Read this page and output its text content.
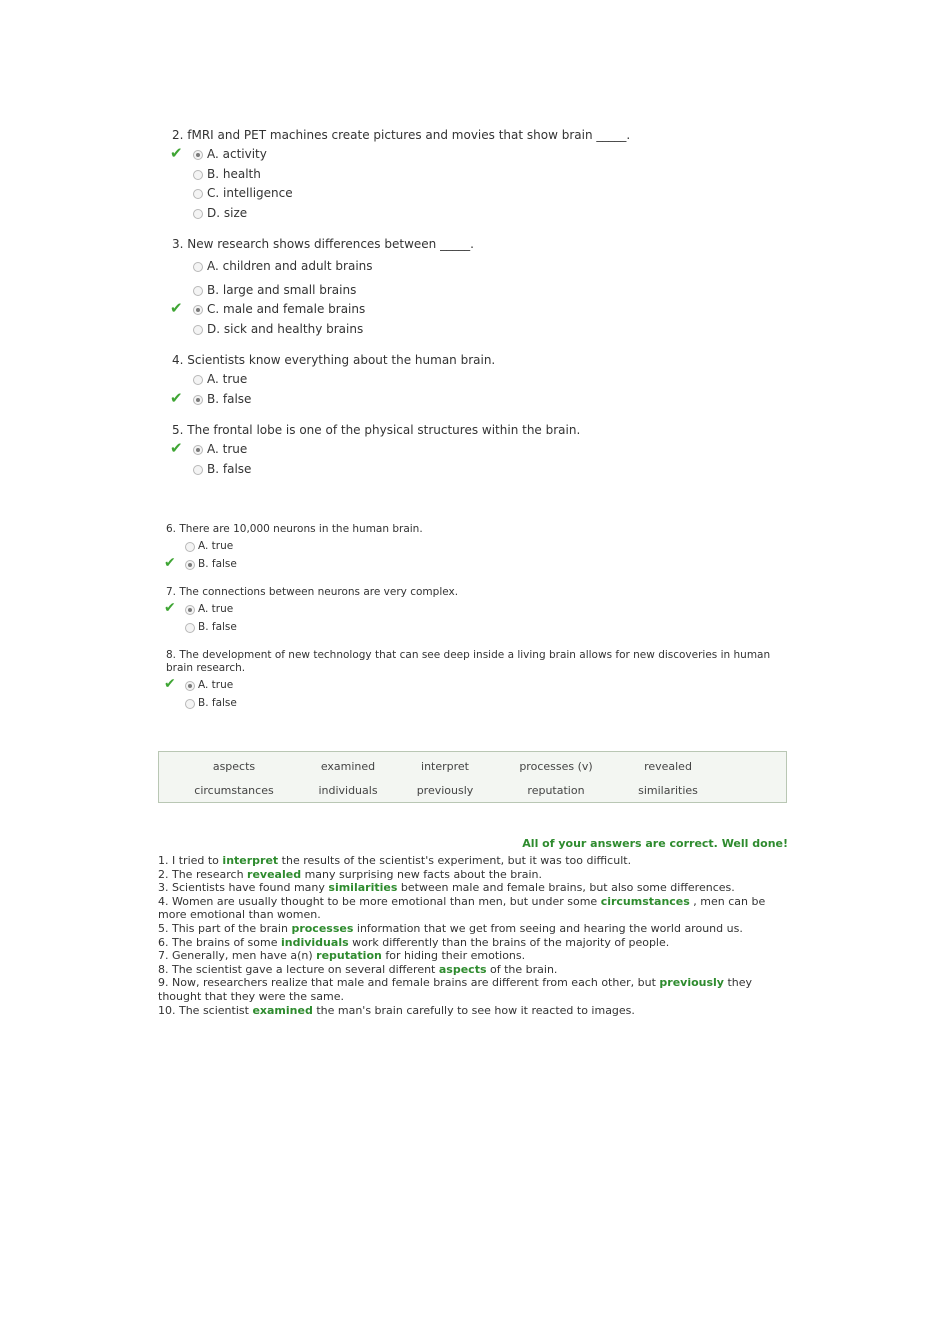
2. fMRI and PET machines create pictures and movies that show brain _____.

✔ A. activity
B. health
C. intelligence
D. size

3. New research shows differences between _____.

A. children and adult brains
B. large and small brains
✔ C. male and female brains
D. sick and healthy brains

4. Scientists know everything about the human brain.

A. true
✔ B. false

5. The frontal lobe is one of the physical structures within the brain.

✔ A. true
B. false

6. There are 10,000 neurons in the human brain.

A. true
✔ B. false

7. The connections between neurons are very complex.

✔ A. true
B. false

8. The development of new technology that can see deep inside a living brain allows for new discoveries in human brain research.

✔ A. true
B. false
aspects	examined	interpret	processes (v)	revealed
circumstances	individuals	previously	reputation	similarities
All of your answers are correct. Well done!

1. I tried to interpret the results of the scientist's experiment, but it was too difficult.

2. The research revealed many surprising new facts about the brain.

3. Scientists have found many similarities between male and female brains, but also some differences.

4. Women are usually thought to be more emotional than men, but under some circumstances , men can be more emotional than women.

5. This part of the brain processes information that we get from seeing and hearing the world around us.

6. The brains of some individuals work differently than the brains of the majority of people.

7. Generally, men have a(n) reputation for hiding their emotions.

8. The scientist gave a lecture on several different aspects of the brain.

9. Now, researchers realize that male and female brains are different from each other, but previously they thought that they were the same.

10. The scientist examined the man's brain carefully to see how it reacted to images.
